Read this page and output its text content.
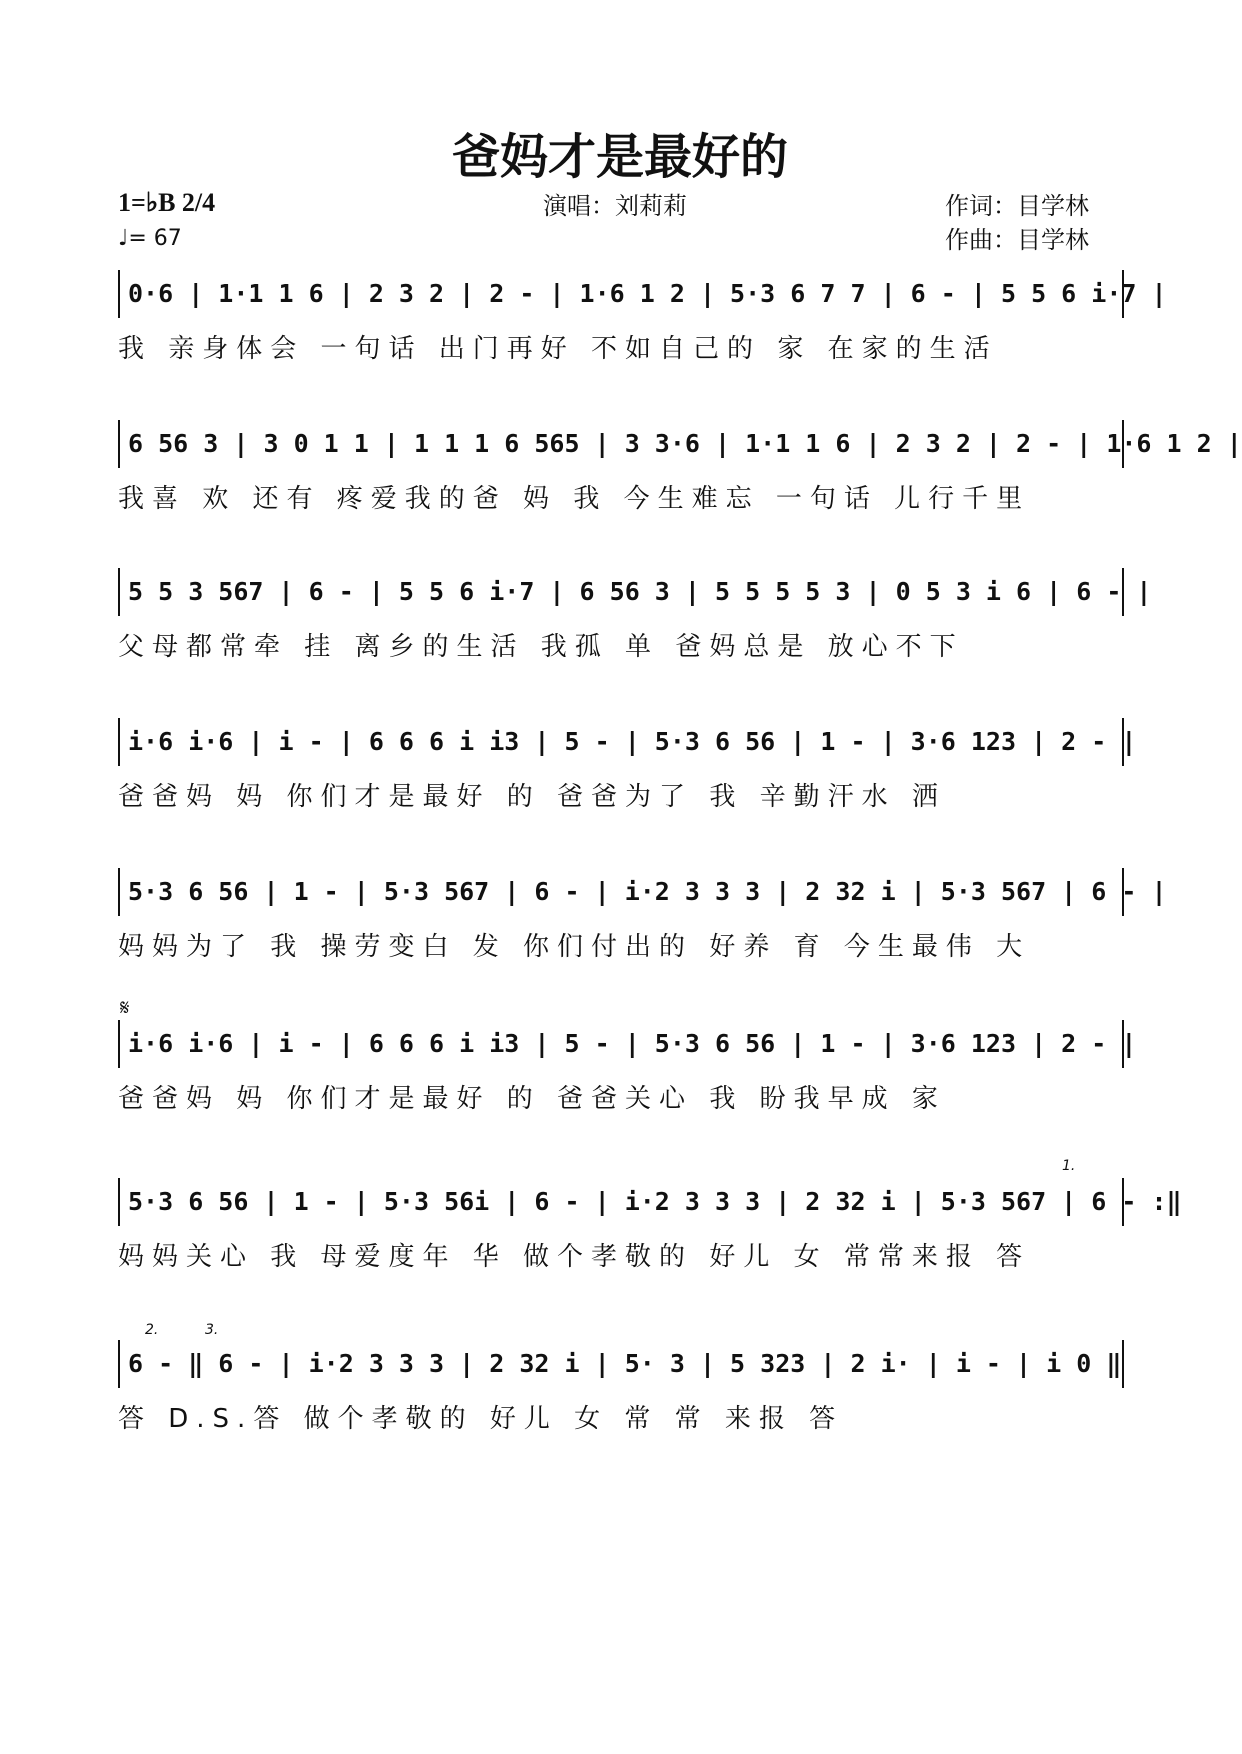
爸妈才是最好的
1=♭B 2/4
♩= 67
演唱：刘莉莉	作词：目学林
作曲：目学林
0·6 | 1·1 1 6 | 2 3 2 | 2 - | 1·6 1 2 | 5·3 6 7 7 | 6 - | 5 5 6 i·7 |
我 亲身体会 一句话 出门再好 不如自己的 家 在家的生活
6 56 3 | 3 0 1 1 | 1 1 1 6 565 | 3 3·6 | 1·1 1 6 | 2 3 2 | 2 - | 1·6 1 2 |
我喜 欢 还有 疼爱我的爸 妈 我 今生难忘 一句话 儿行千里
5 5 3 567 | 6 - | 5 5 6 i·7 | 6 56 3 | 5 5 5 5 3 | 0 5 3 i 6 | 6 - |
父母都常牵 挂 离乡的生活 我孤 单 爸妈总是 放心不下
i·6 i·6 | i - | 6 6 6 i i3 | 5 - | 5·3 6 56 | 1 - | 3·6 123 | 2 - |
爸爸妈 妈 你们才是最好 的 爸爸为了 我 辛勤汗水 洒
5·3 6 56 | 1 - | 5·3 567 | 6 - | i·2 3 3 3 | 2 32 i | 5·3 567 | 6 - |
妈妈为了 我 操劳变白 发 你们付出的 好养 育 今生最伟 大
𝄋
i·6 i·6 | i - | 6 6 6 i i3 | 5 - | 5·3 6 56 | 1 - | 3·6 123 | 2 - |
爸爸妈 妈 你们才是最好 的 爸爸关心 我 盼我早成 家
1.
5·3 6 56 | 1 - | 5·3 56i | 6 - | i·2 3 3 3 | 2 32 i | 5·3 567 | 6 - :‖
妈妈关心 我 母爱度年 华 做个孝敬的 好儿 女 常常来报 答
2.	3.
6 - ‖ 6 - | i·2 3 3 3 | 2 32 i | 5· 3 | 5 323 | 2 i· | i - | i 0 ‖
答 D.S.答 做个孝敬的 好儿 女 常 常 来报 答
